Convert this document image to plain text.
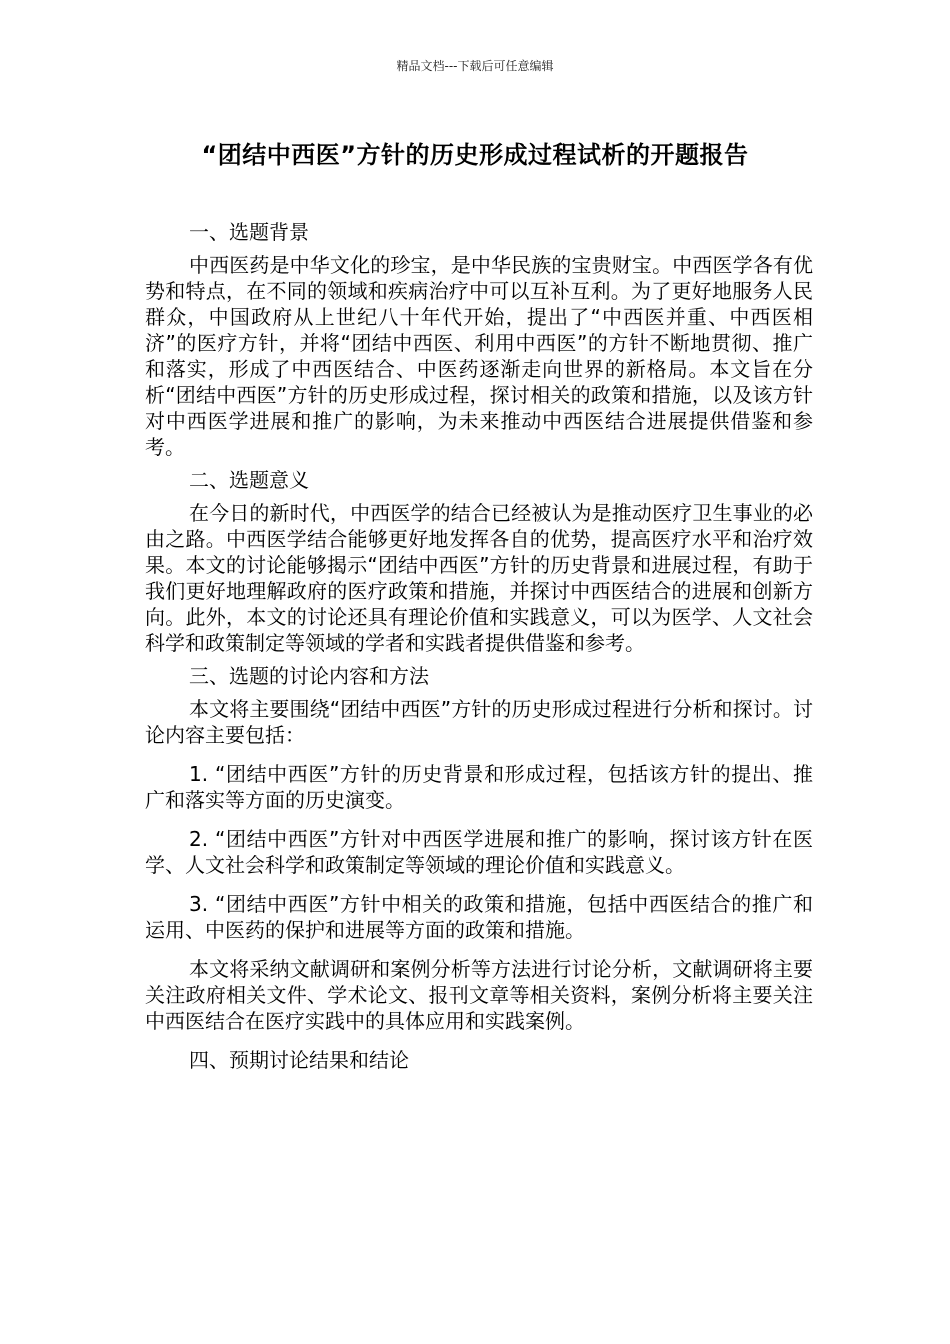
精品文档---下载后可任意编辑
“团结中西医”方针的历史形成过程试析的开题报告

一、选题背景

中西医药是中华文化的珍宝，是中华民族的宝贵财宝。中西医学各有优势和特点，在不同的领域和疾病治疗中可以互补互利。为了更好地服务人民群众，中国政府从上世纪八十年代开始，提出了“中西医并重、中西医相济”的医疗方针，并将“团结中西医、利用中西医”的方针不断地贯彻、推广和落实，形成了中西医结合、中医药逐渐走向世界的新格局。本文旨在分析“团结中西医”方针的历史形成过程，探讨相关的政策和措施，以及该方针对中西医学进展和推广的影响，为未来推动中西医结合进展提供借鉴和参考。

二、选题意义

在今日的新时代，中西医学的结合已经被认为是推动医疗卫生事业的必由之路。中西医学结合能够更好地发挥各自的优势，提高医疗水平和治疗效果。本文的讨论能够揭示“团结中西医”方针的历史背景和进展过程，有助于我们更好地理解政府的医疗政策和措施，并探讨中西医结合的进展和创新方向。此外，本文的讨论还具有理论价值和实践意义，可以为医学、人文社会科学和政策制定等领域的学者和实践者提供借鉴和参考。

三、选题的讨论内容和方法

本文将主要围绕“团结中西医”方针的历史形成过程进行分析和探讨。讨论内容主要包括：

1. “团结中西医”方针的历史背景和形成过程，包括该方针的提出、推广和落实等方面的历史演变。

2. “团结中西医”方针对中西医学进展和推广的影响，探讨该方针在医学、人文社会科学和政策制定等领域的理论价值和实践意义。

3. “团结中西医”方针中相关的政策和措施，包括中西医结合的推广和运用、中医药的保护和进展等方面的政策和措施。

本文将采纳文献调研和案例分析等方法进行讨论分析，文献调研将主要关注政府相关文件、学术论文、报刊文章等相关资料，案例分析将主要关注中西医结合在医疗实践中的具体应用和实践案例。

四、预期讨论结果和结论
